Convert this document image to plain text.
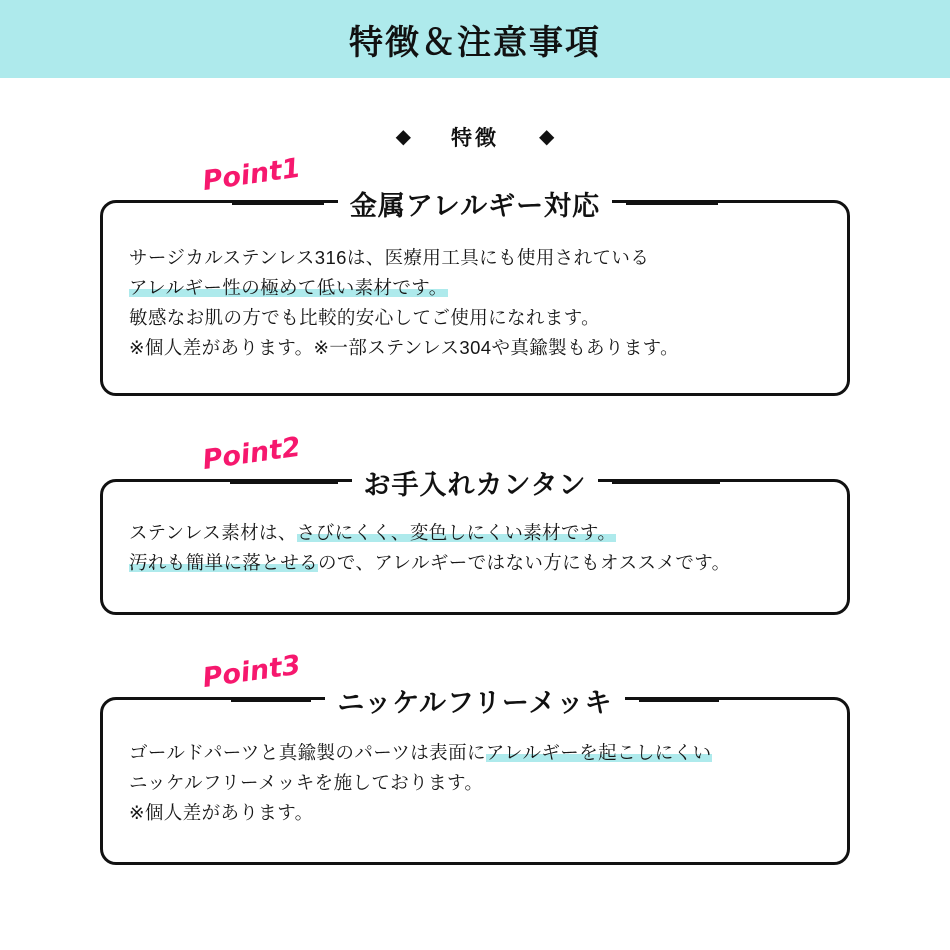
特徴＆注意事項
◆ 特徴 ◆
Point1
金属アレルギー対応
サージカルステンレス316は、医療用工具にも使用されている
アレルギー性の極めて低い素材です。
敏感なお肌の方でも比較的安心してご使用になれます。
※個人差があります。※一部ステンレス304や真鍮製もあります。
Point2
お手入れカンタン
ステンレス素材は、さびにくく、変色しにくい素材です。
汚れも簡単に落とせるので、アレルギーではない方にもオススメです。
Point3
ニッケルフリーメッキ
ゴールドパーツと真鍮製のパーツは表面にアレルギーを起こしにくい
ニッケルフリーメッキを施しております。
※個人差があります。
